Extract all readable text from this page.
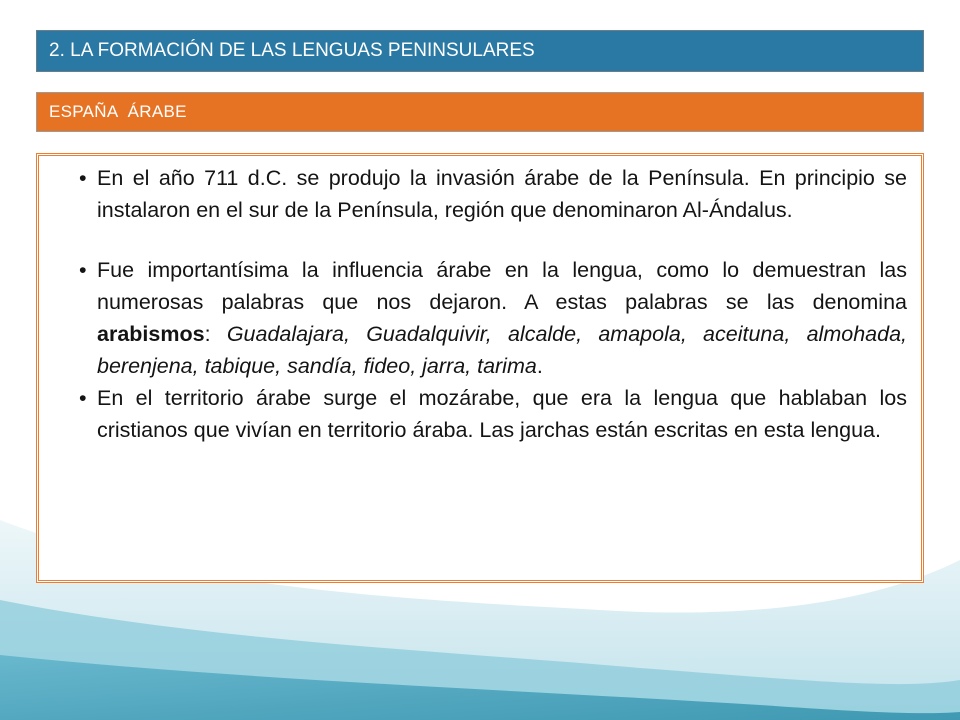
2. LA FORMACIÓN DE LAS LENGUAS PENINSULARES
ESPAÑA  ÁRABE
• En el año 711 d.C. se produjo la invasión árabe de la Península. En principio se instalaron en el sur de la Península, región que denominaron Al-Ándalus.
• Fue importantísima la influencia árabe en la lengua, como lo demuestran las numerosas palabras que nos dejaron. A estas palabras se las denomina arabismos: Guadalajara, Guadalquivir, alcalde, amapola, aceituna, almohada, berenjena, tabique, sandía, fideo, jarra, tarima.
• En el territorio árabe surge el mozárabe, que era la lengua que hablaban los cristianos que vivían en territorio áraba. Las jarchas están escritas en esta lengua.
